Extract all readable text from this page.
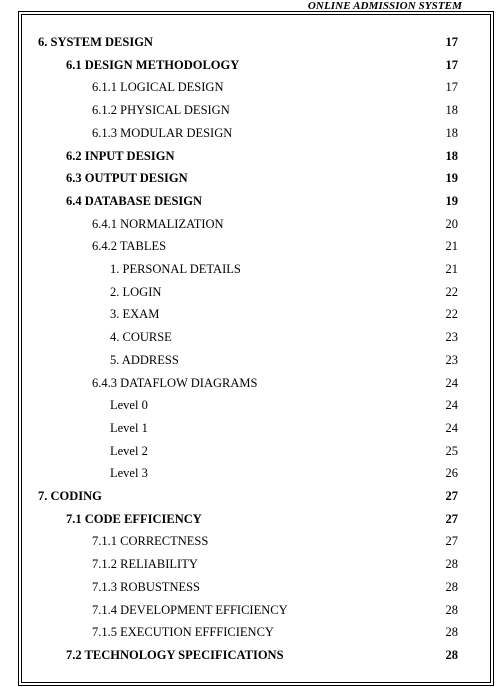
ONLINE ADMISSION SYSTEM
6. SYSTEM DESIGN	17
6.1 DESIGN METHODOLOGY	17
6.1.1 LOGICAL DESIGN	17
6.1.2 PHYSICAL DESIGN	18
6.1.3 MODULAR DESIGN	18
6.2 INPUT DESIGN	18
6.3 OUTPUT DESIGN	19
6.4 DATABASE DESIGN	19
6.4.1 NORMALIZATION	20
6.4.2 TABLES	21
1. PERSONAL DETAILS	21
2. LOGIN	22
3. EXAM	22
4. COURSE	23
5. ADDRESS	23
6.4.3 DATAFLOW DIAGRAMS	24
Level 0	24
Level 1	24
Level 2	25
Level 3	26
7. CODING	27
7.1 CODE EFFICIENCY	27
7.1.1 CORRECTNESS	27
7.1.2 RELIABILITY	28
7.1.3 ROBUSTNESS	28
7.1.4 DEVELOPMENT EFFICIENCY	28
7.1.5 EXECUTION EFFFICIENCY	28
7.2 TECHNOLOGY SPECIFICATIONS	28
